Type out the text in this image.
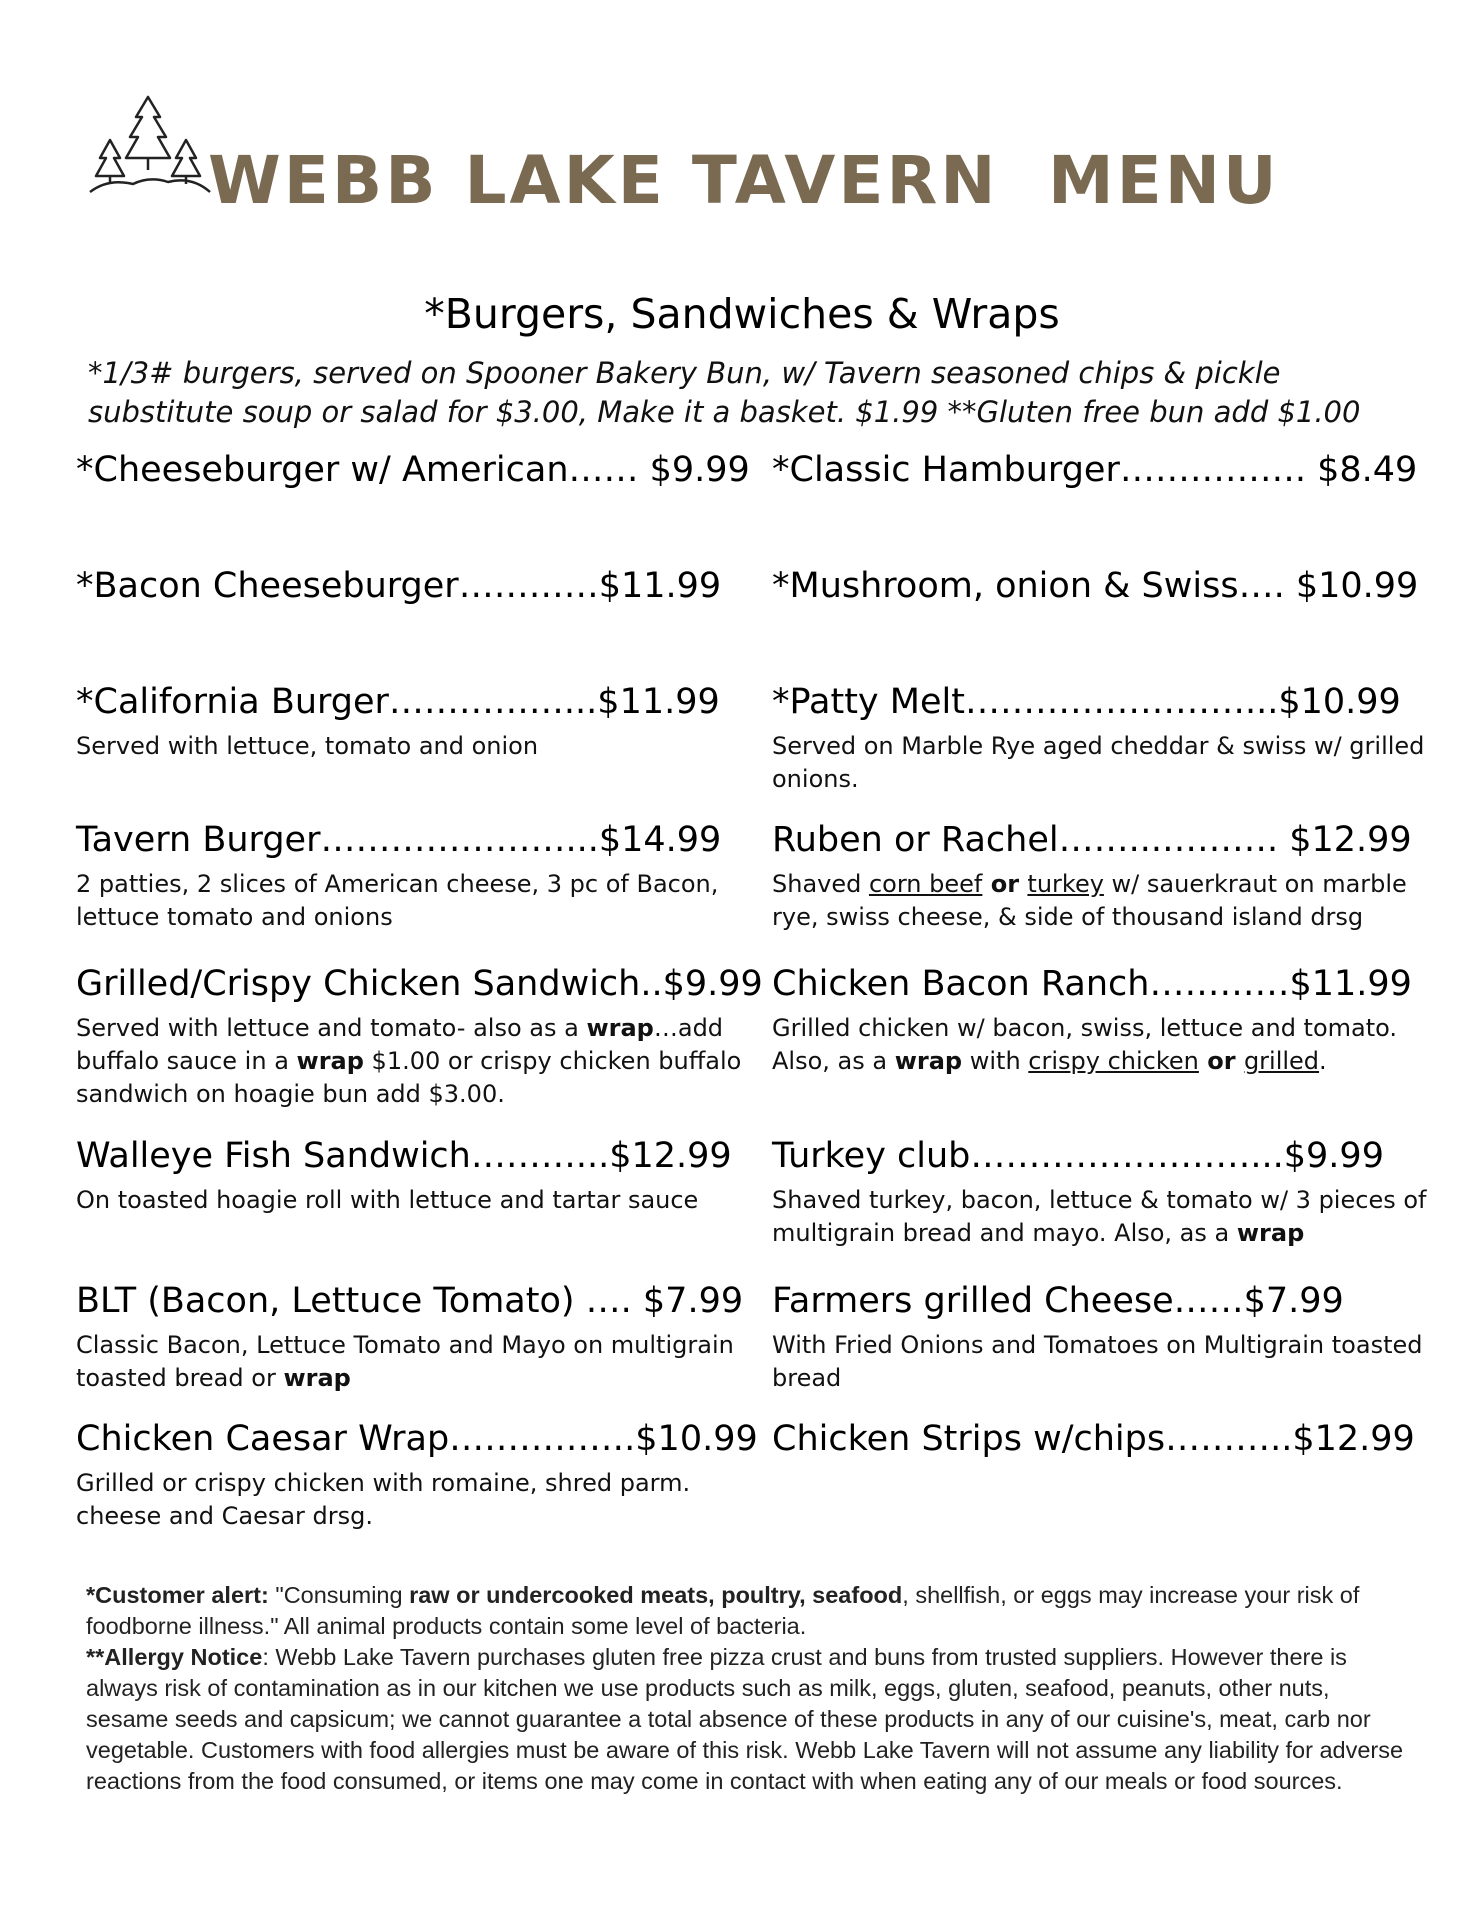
WEBB LAKE TAVERN MENU
*Burgers, Sandwiches & Wraps
*1/3# burgers, served on Spooner Bakery Bun, w/ Tavern seasoned chips & pickle
substitute soup or salad for $3.00, Make it a basket. $1.99 **Gluten free bun add $1.00
*Cheeseburger w/ American…… $9.99 *Classic Hamburger……………. $8.49
*Bacon Cheeseburger…………$11.99	*Mushroom, onion & Swiss…. $10.99
*California Burger……………...$11.99
Served with lettuce, tomato and onion
*Patty Melt……………………...$10.99
Served on Marble Rye aged cheddar & swiss w/ grilled onions.
Tavern Burger…………………...$14.99
2 patties, 2 slices of American cheese, 3 pc of Bacon, lettuce tomato and onions
Ruben or Rachel……...………. $12.99
Shaved corn beef or turkey w/ sauerkraut on marble rye, swiss cheese, & side of thousand island drsg
Grilled/Crispy Chicken Sandwich..$9.99
Served with lettuce and tomato- also as a wrap…add buffalo sauce in a wrap $1.00 or crispy chicken buffalo sandwich on hoagie bun add $3.00.
Chicken Bacon Ranch…………$11.99
Grilled chicken w/ bacon, swiss, lettuce and tomato. Also, as a wrap with crispy chicken or grilled.
Walleye Fish Sandwich………...$12.99
On toasted hoagie roll with lettuce and tartar sauce
Turkey club……………………...$9.99
Shaved turkey, bacon, lettuce & tomato w/ 3 pieces of multigrain bread and mayo. Also, as a wrap
BLT (Bacon, Lettuce Tomato) …. $7.99
Classic Bacon, Lettuce Tomato and Mayo on multigrain toasted bread or wrap
Farmers grilled Cheese……$7.99
With Fried Onions and Tomatoes on Multigrain toasted bread
Chicken Caesar Wrap…………….$10.99
Grilled or crispy chicken with romaine, shred parm. cheese and Caesar drsg.
Chicken Strips w/chips………..$12.99

*Customer alert: "Consuming raw or undercooked meats, poultry, seafood, shellfish, or eggs may increase your risk of foodborne illness." All animal products contain some level of bacteria.

**Allergy Notice: Webb Lake Tavern purchases gluten free pizza crust and buns from trusted suppliers. However there is always risk of contamination as in our kitchen we use products such as milk, eggs, gluten, seafood, peanuts, other nuts, sesame seeds and capsicum; we cannot guarantee a total absence of these products in any of our cuisine's, meat, carb nor vegetable. Customers with food allergies must be aware of this risk. Webb Lake Tavern will not assume any liability for adverse reactions from the food consumed, or items one may come in contact with when eating any of our meals or food sources.
